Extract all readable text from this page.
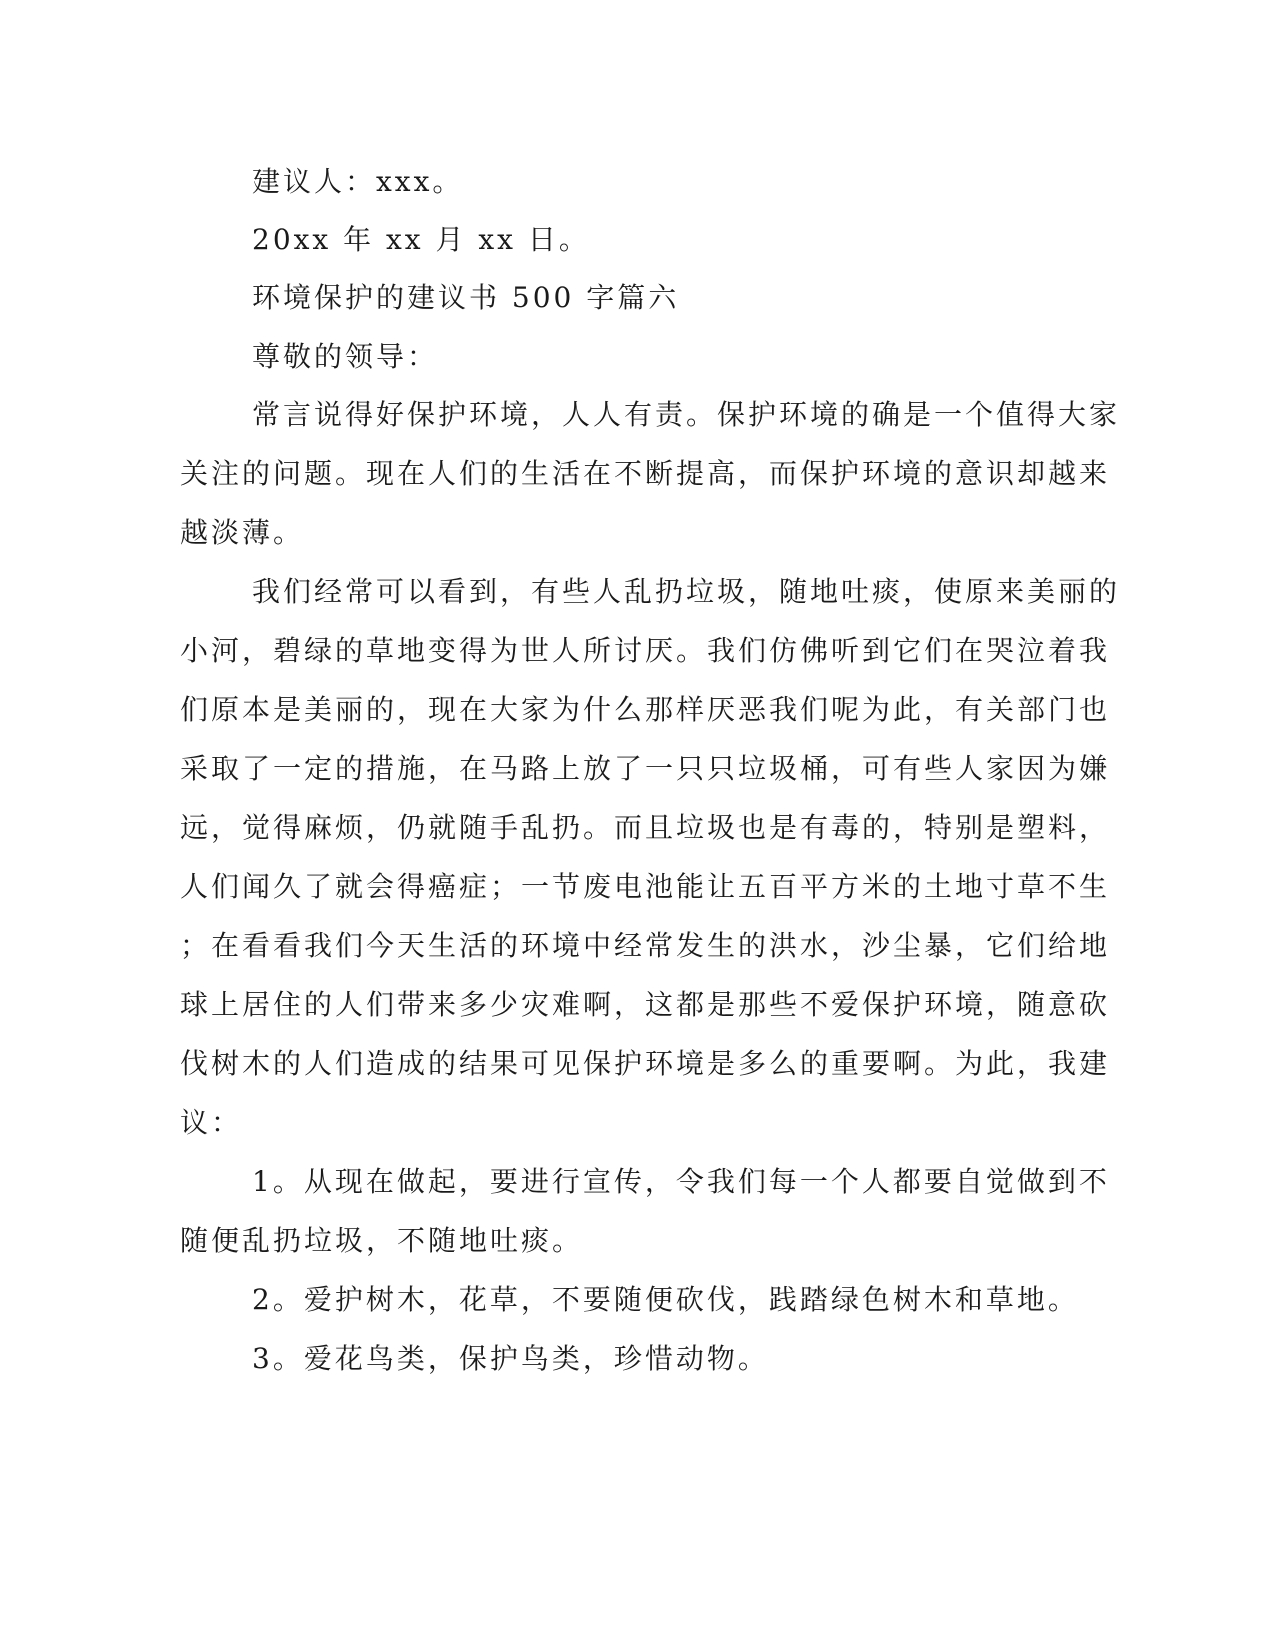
建议人：xxx。
20xx 年 xx 月 xx 日。
环境保护的建议书 500 字篇六
尊敬的领导：
常言说得好保护环境，人人有责。保护环境的确是一个值得大家
关注的问题。现在人们的生活在不断提高，而保护环境的意识却越来
越淡薄。
我们经常可以看到，有些人乱扔垃圾，随地吐痰，使原来美丽的
小河，碧绿的草地变得为世人所讨厌。我们仿佛听到它们在哭泣着我
们原本是美丽的，现在大家为什么那样厌恶我们呢为此，有关部门也
采取了一定的措施，在马路上放了一只只垃圾桶，可有些人家因为嫌
远，觉得麻烦，仍就随手乱扔。而且垃圾也是有毒的，特别是塑料，
人们闻久了就会得癌症；一节废电池能让五百平方米的土地寸草不生
；在看看我们今天生活的环境中经常发生的洪水，沙尘暴，它们给地
球上居住的人们带来多少灾难啊，这都是那些不爱保护环境，随意砍
伐树木的人们造成的结果可见保护环境是多么的重要啊。为此，我建
议：
1。从现在做起，要进行宣传，令我们每一个人都要自觉做到不
随便乱扔垃圾，不随地吐痰。
2。爱护树木，花草，不要随便砍伐，践踏绿色树木和草地。
3。爱花鸟类，保护鸟类，珍惜动物。
